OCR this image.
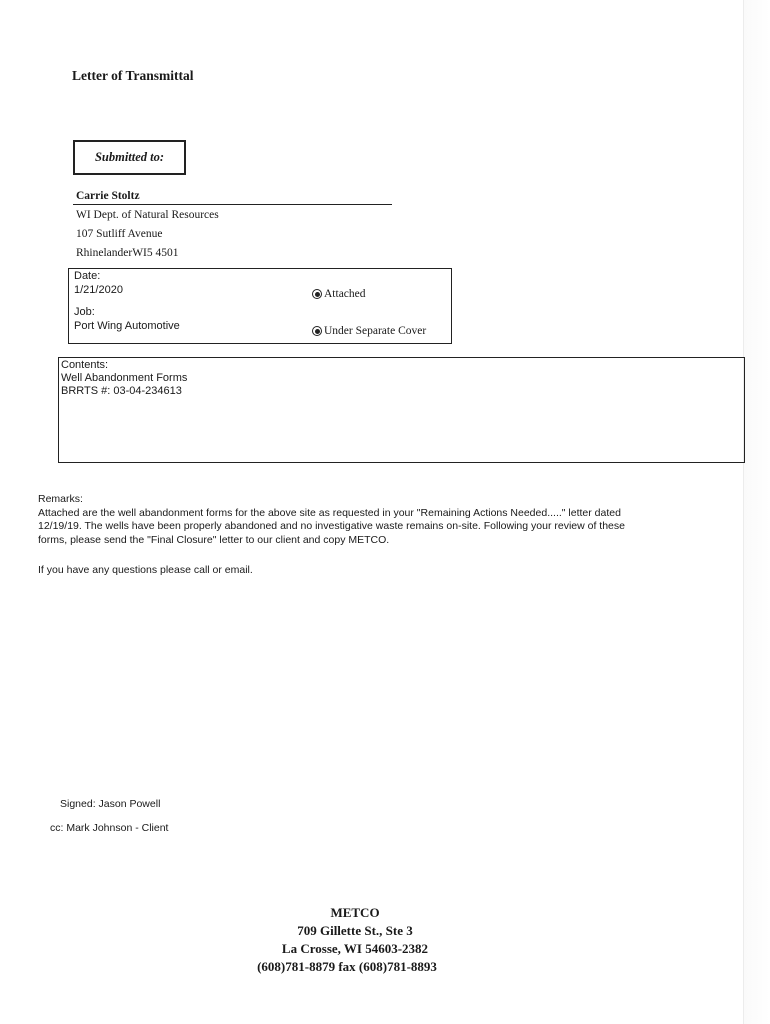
Letter of Transmittal
Submitted to:
Carrie Stoltz
WI Dept. of Natural Resources
107 Sutliff Avenue
RhinelanderWI5 4501
Date:
1/21/2020
Job:
Port Wing Automotive
Attached
Under Separate Cover
Contents:
Well Abandonment Forms
BRRTS #: 03-04-234613
Remarks:
Attached are the well abandonment forms for the above site as requested in your "Remaining Actions Needed....." letter dated
12/19/19. The wells have been properly abandoned and no investigative waste remains on-site. Following your review of these
forms, please send the "Final Closure" letter to our client and copy METCO.
If you have any questions please call or email.
Signed: Jason Powell
cc: Mark Johnson - Client
METCO
709 Gillette St., Ste 3
La Crosse, WI 54603-2382
(608)781-8879 fax (608)781-8893
